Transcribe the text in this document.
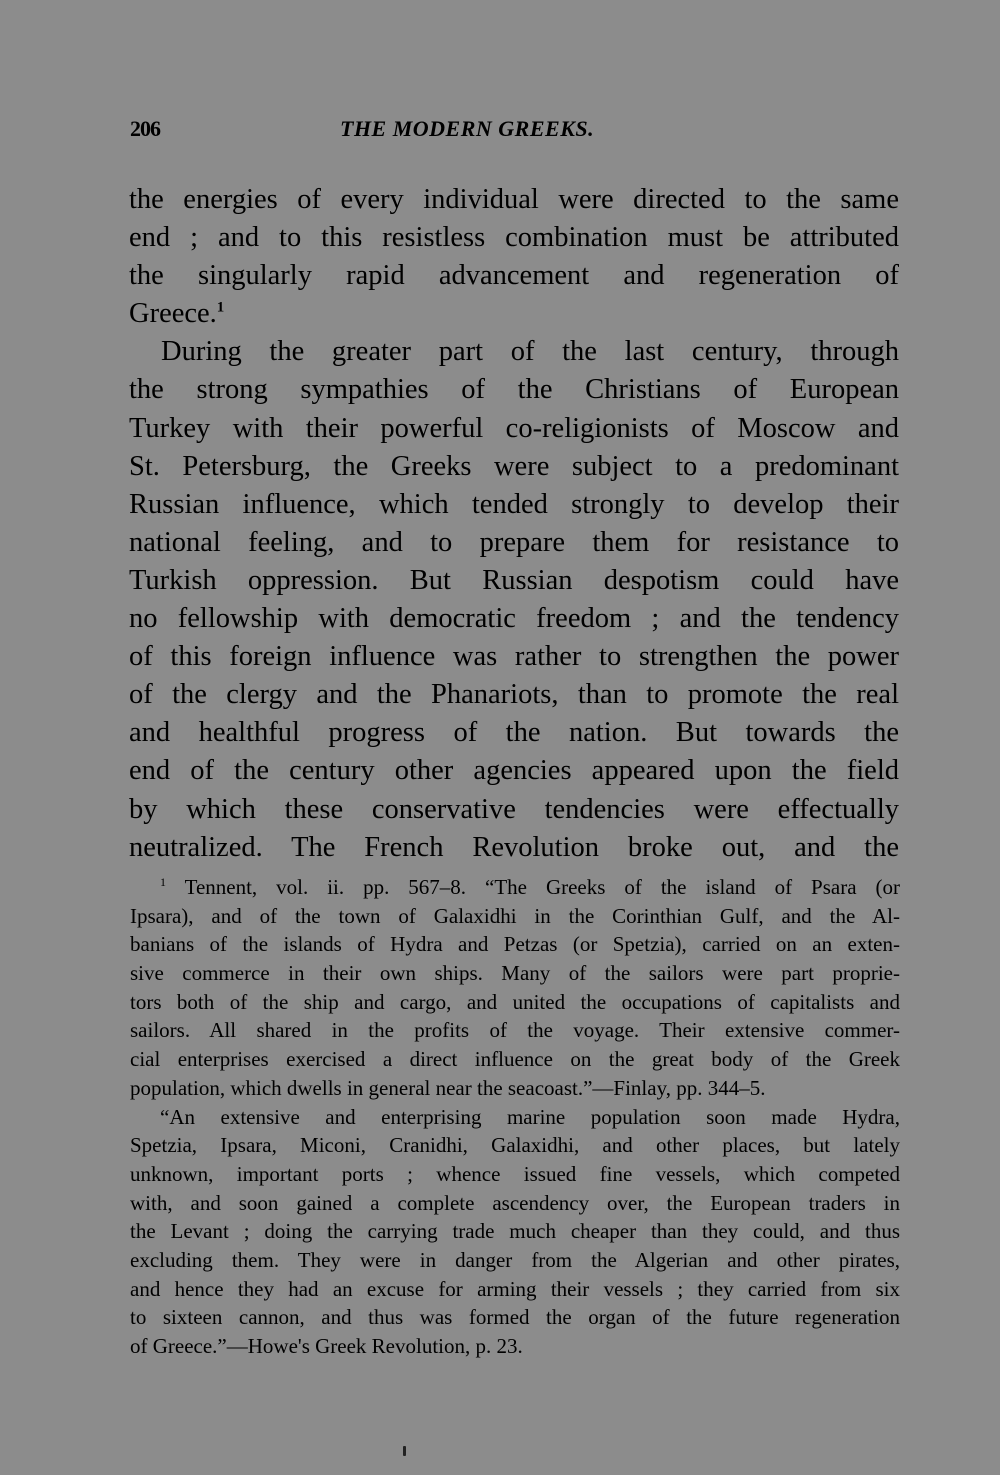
206	THE MODERN GREEKS.
the energies of every individual were directed to the same
end ; and to this resistless combination must be attributed
the singularly rapid advancement and regeneration of
Greece.$^1$
During the greater part of the last century, through
the strong sympathies of the Christians of European
Turkey with their powerful co-religionists of Moscow and
St. Petersburg, the Greeks were subject to a predominant
Russian influence, which tended strongly to develop their
national feeling, and to prepare them for resistance to
Turkish oppression. But Russian despotism could have
no fellowship with democratic freedom ; and the tendency
of this foreign influence was rather to strengthen the power
of the clergy and the Phanariots, than to promote the real
and healthful progress of the nation. But towards the
end of the century other agencies appeared upon the field
by which these conservative tendencies were effectually
neutralized. The French Revolution broke out, and the
$^1$ Tennent, vol. ii. pp. 567–8. “The Greeks of the island of Psara (or
Ipsara), and of the town of Galaxidhi in the Corinthian Gulf, and the Al-
banians of the islands of Hydra and Petzas (or Spetzia), carried on an exten-
sive commerce in their own ships. Many of the sailors were part proprie-
tors both of the ship and cargo, and united the occupations of capitalists and
sailors. All shared in the profits of the voyage. Their extensive commer-
cial enterprises exercised a direct influence on the great body of the Greek
population, which dwells in general near the seacoast.”—Finlay, pp. 344–5.
“An extensive and enterprising marine population soon made Hydra,
Spetzia, Ipsara, Miconi, Cranidhi, Galaxidhi, and other places, but lately
unknown, important ports ; whence issued fine vessels, which competed
with, and soon gained a complete ascendency over, the European traders in
the Levant ; doing the carrying trade much cheaper than they could, and thus
excluding them. They were in danger from the Algerian and other pirates,
and hence they had an excuse for arming their vessels ; they carried from six
to sixteen cannon, and thus was formed the organ of the future regeneration
of Greece.”—Howe's Greek Revolution, p. 23.
